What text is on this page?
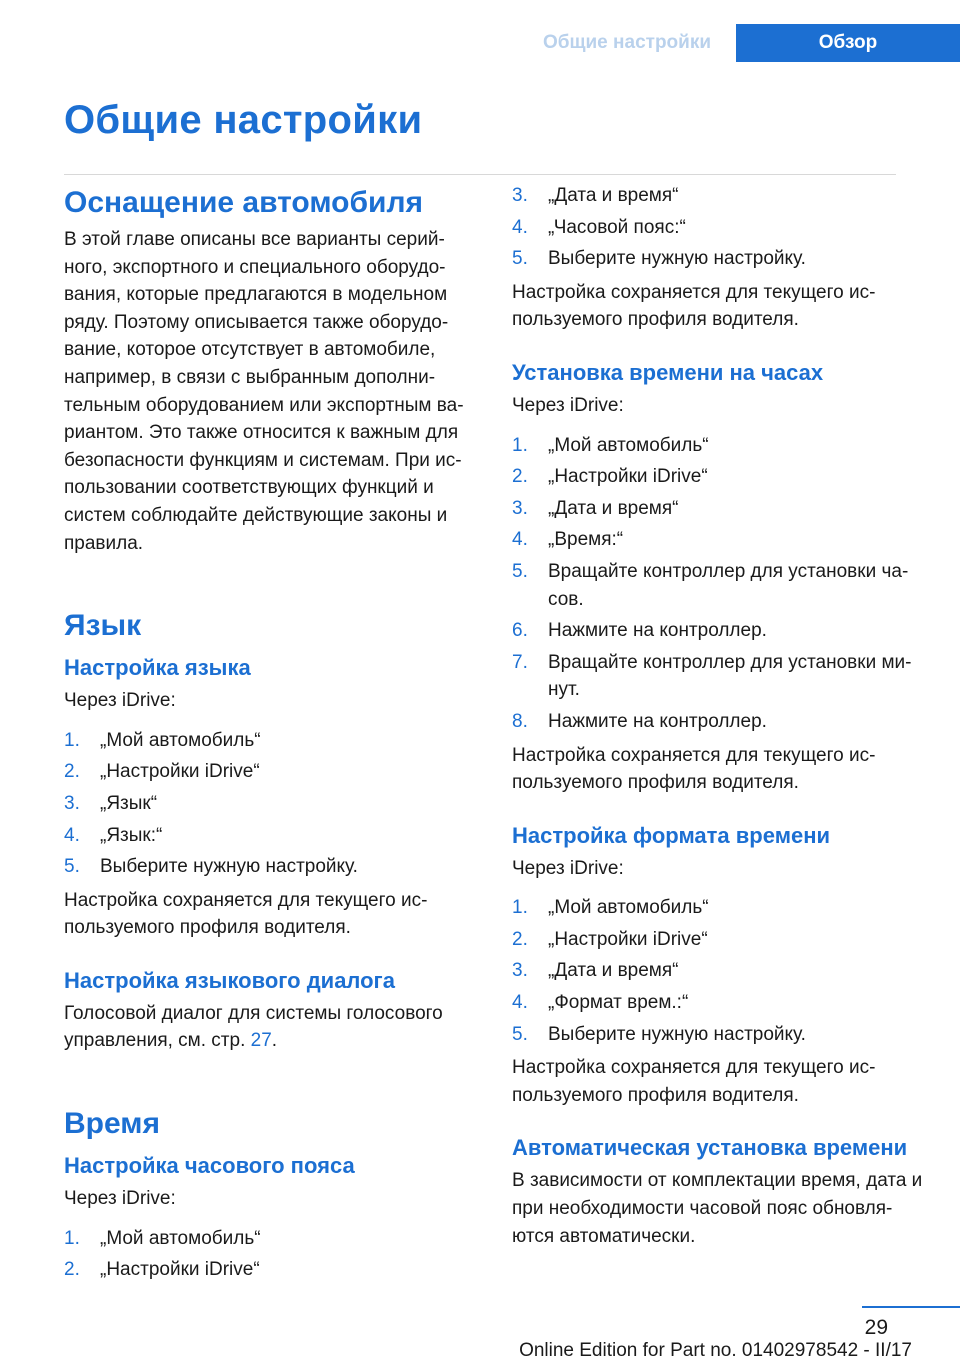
Общие настройки	Обзор
Общие настройки
Оснащение автомобиля

В этой главе описаны все варианты серийного, экспортного и специального оборудования, которые предлагаются в модельном ряду. Поэтому описывается также оборудование, которое отсутствует в автомобиле, например, в связи с выбранным дополнительным оборудованием или экспортным вариантом. Это также относится к важным для безопасности функциям и системам. При использовании соответствующих функций и систем соблюдайте действующие законы и правила.

Язык
Настройка языка

Через iDrive:

1.	„Мой автомобиль“
2.	„Настройки iDrive“
3.	„Язык“
4.	„Язык:“
5.	Выберите нужную настройку.

Настройка сохраняется для текущего используемого профиля водителя.

Настройка языкового диалога

Голосовой диалог для системы голосового управления, см. стр. 27.

Время
Настройка часового пояса

Через iDrive:

1.	„Мой автомобиль“
2.	„Настройки iDrive“
3.	„Дата и время“
4.	„Часовой пояс:“
5.	Выберите нужную настройку.

Настройка сохраняется для текущего используемого профиля водителя.

Установка времени на часах

Через iDrive:

1.	„Мой автомобиль“
2.	„Настройки iDrive“
3.	„Дата и время“
4.	„Время:“
5.	Вращайте контроллер для установки часов.
6.	Нажмите на контроллер.
7.	Вращайте контроллер для установки минут.
8.	Нажмите на контроллер.

Настройка сохраняется для текущего используемого профиля водителя.

Настройка формата времени

Через iDrive:

1.	„Мой автомобиль“
2.	„Настройки iDrive“
3.	„Дата и время“
4.	„Формат врем.:“
5.	Выберите нужную настройку.

Настройка сохраняется для текущего используемого профиля водителя.

Автоматическая установка времени

В зависимости от комплектации время, дата и при необходимости часовой пояс обновляются автоматически.

29
Online Edition for Part no. 01402978542 - II/17
